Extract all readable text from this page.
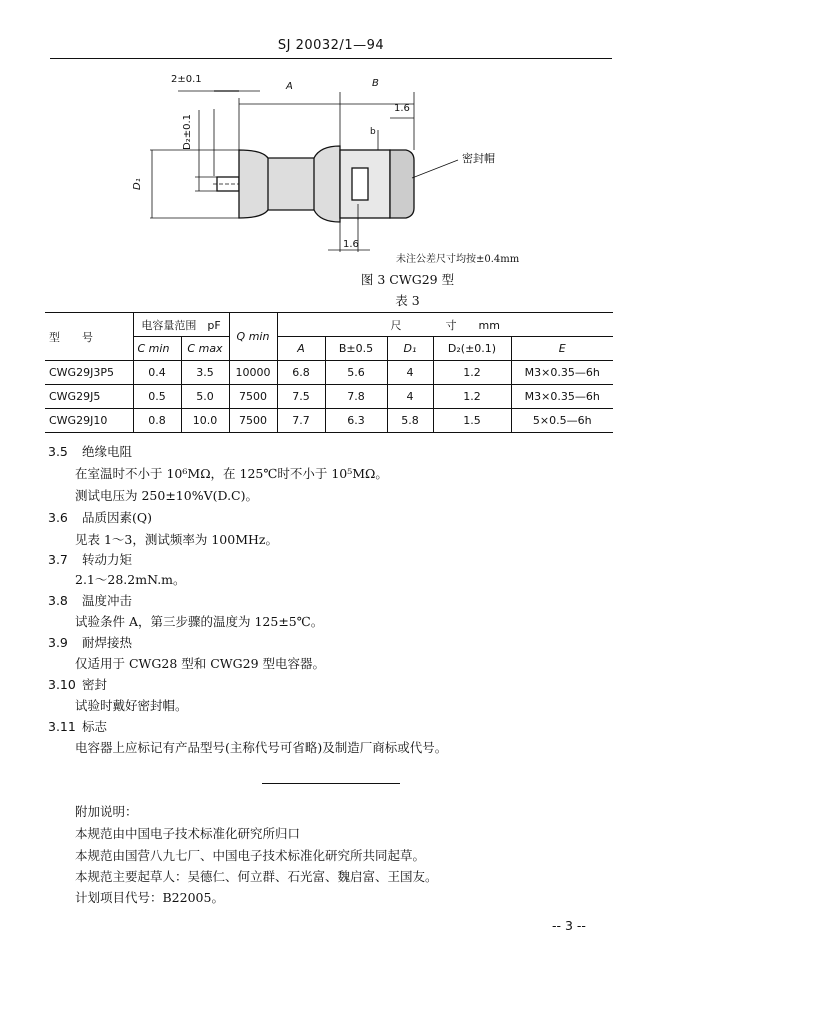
SJ 20032/1—94
2±0.1
A	B
1.6
b
D₂±0.1
D₁
1.6
密封帽
未注公差尺寸均按±0.4mm
图 3 CWG29 型
表 3
型　　号	电容量范围　pF		Q min	尺　　　　寸　　mm				
	C min	C max		A	B±0.5	D₁	D₂(±0.1)	E
CWG29J3P5	0.4	3.5	10000	6.8	5.6	4	1.2	M3×0.35—6h
CWG29J5	0.5	5.0	7500	7.5	7.8	4	1.2	M3×0.35—6h
CWG29J10	0.8	10.0	7500	7.7	6.3	5.8	1.5	5×0.5—6h
3.5 绝缘电阻
在室温时不小于 10⁶MΩ，在 125℃时不小于 10⁵MΩ。
测试电压为 250±10%V(D.C)。
3.6 品质因素(Q)
见表 1～3，测试频率为 100MHz。
3.7 转动力矩
2.1～28.2mN.m。
3.8 温度冲击
试验条件 A，第三步骤的温度为 125±5℃。
3.9 耐焊接热
仅适用于 CWG28 型和 CWG29 型电容器。
3.10 密封
试验时戴好密封帽。
3.11 标志
电容器上应标记有产品型号(主称代号可省略)及制造厂商标或代号。
附加说明：
本规范由中国电子技术标准化研究所归口
本规范由国营八九七厂、中国电子技术标准化研究所共同起草。
本规范主要起草人：吴德仁、何立群、石光富、魏启富、王国友。
计划项目代号：B22005。
-- 3 --
